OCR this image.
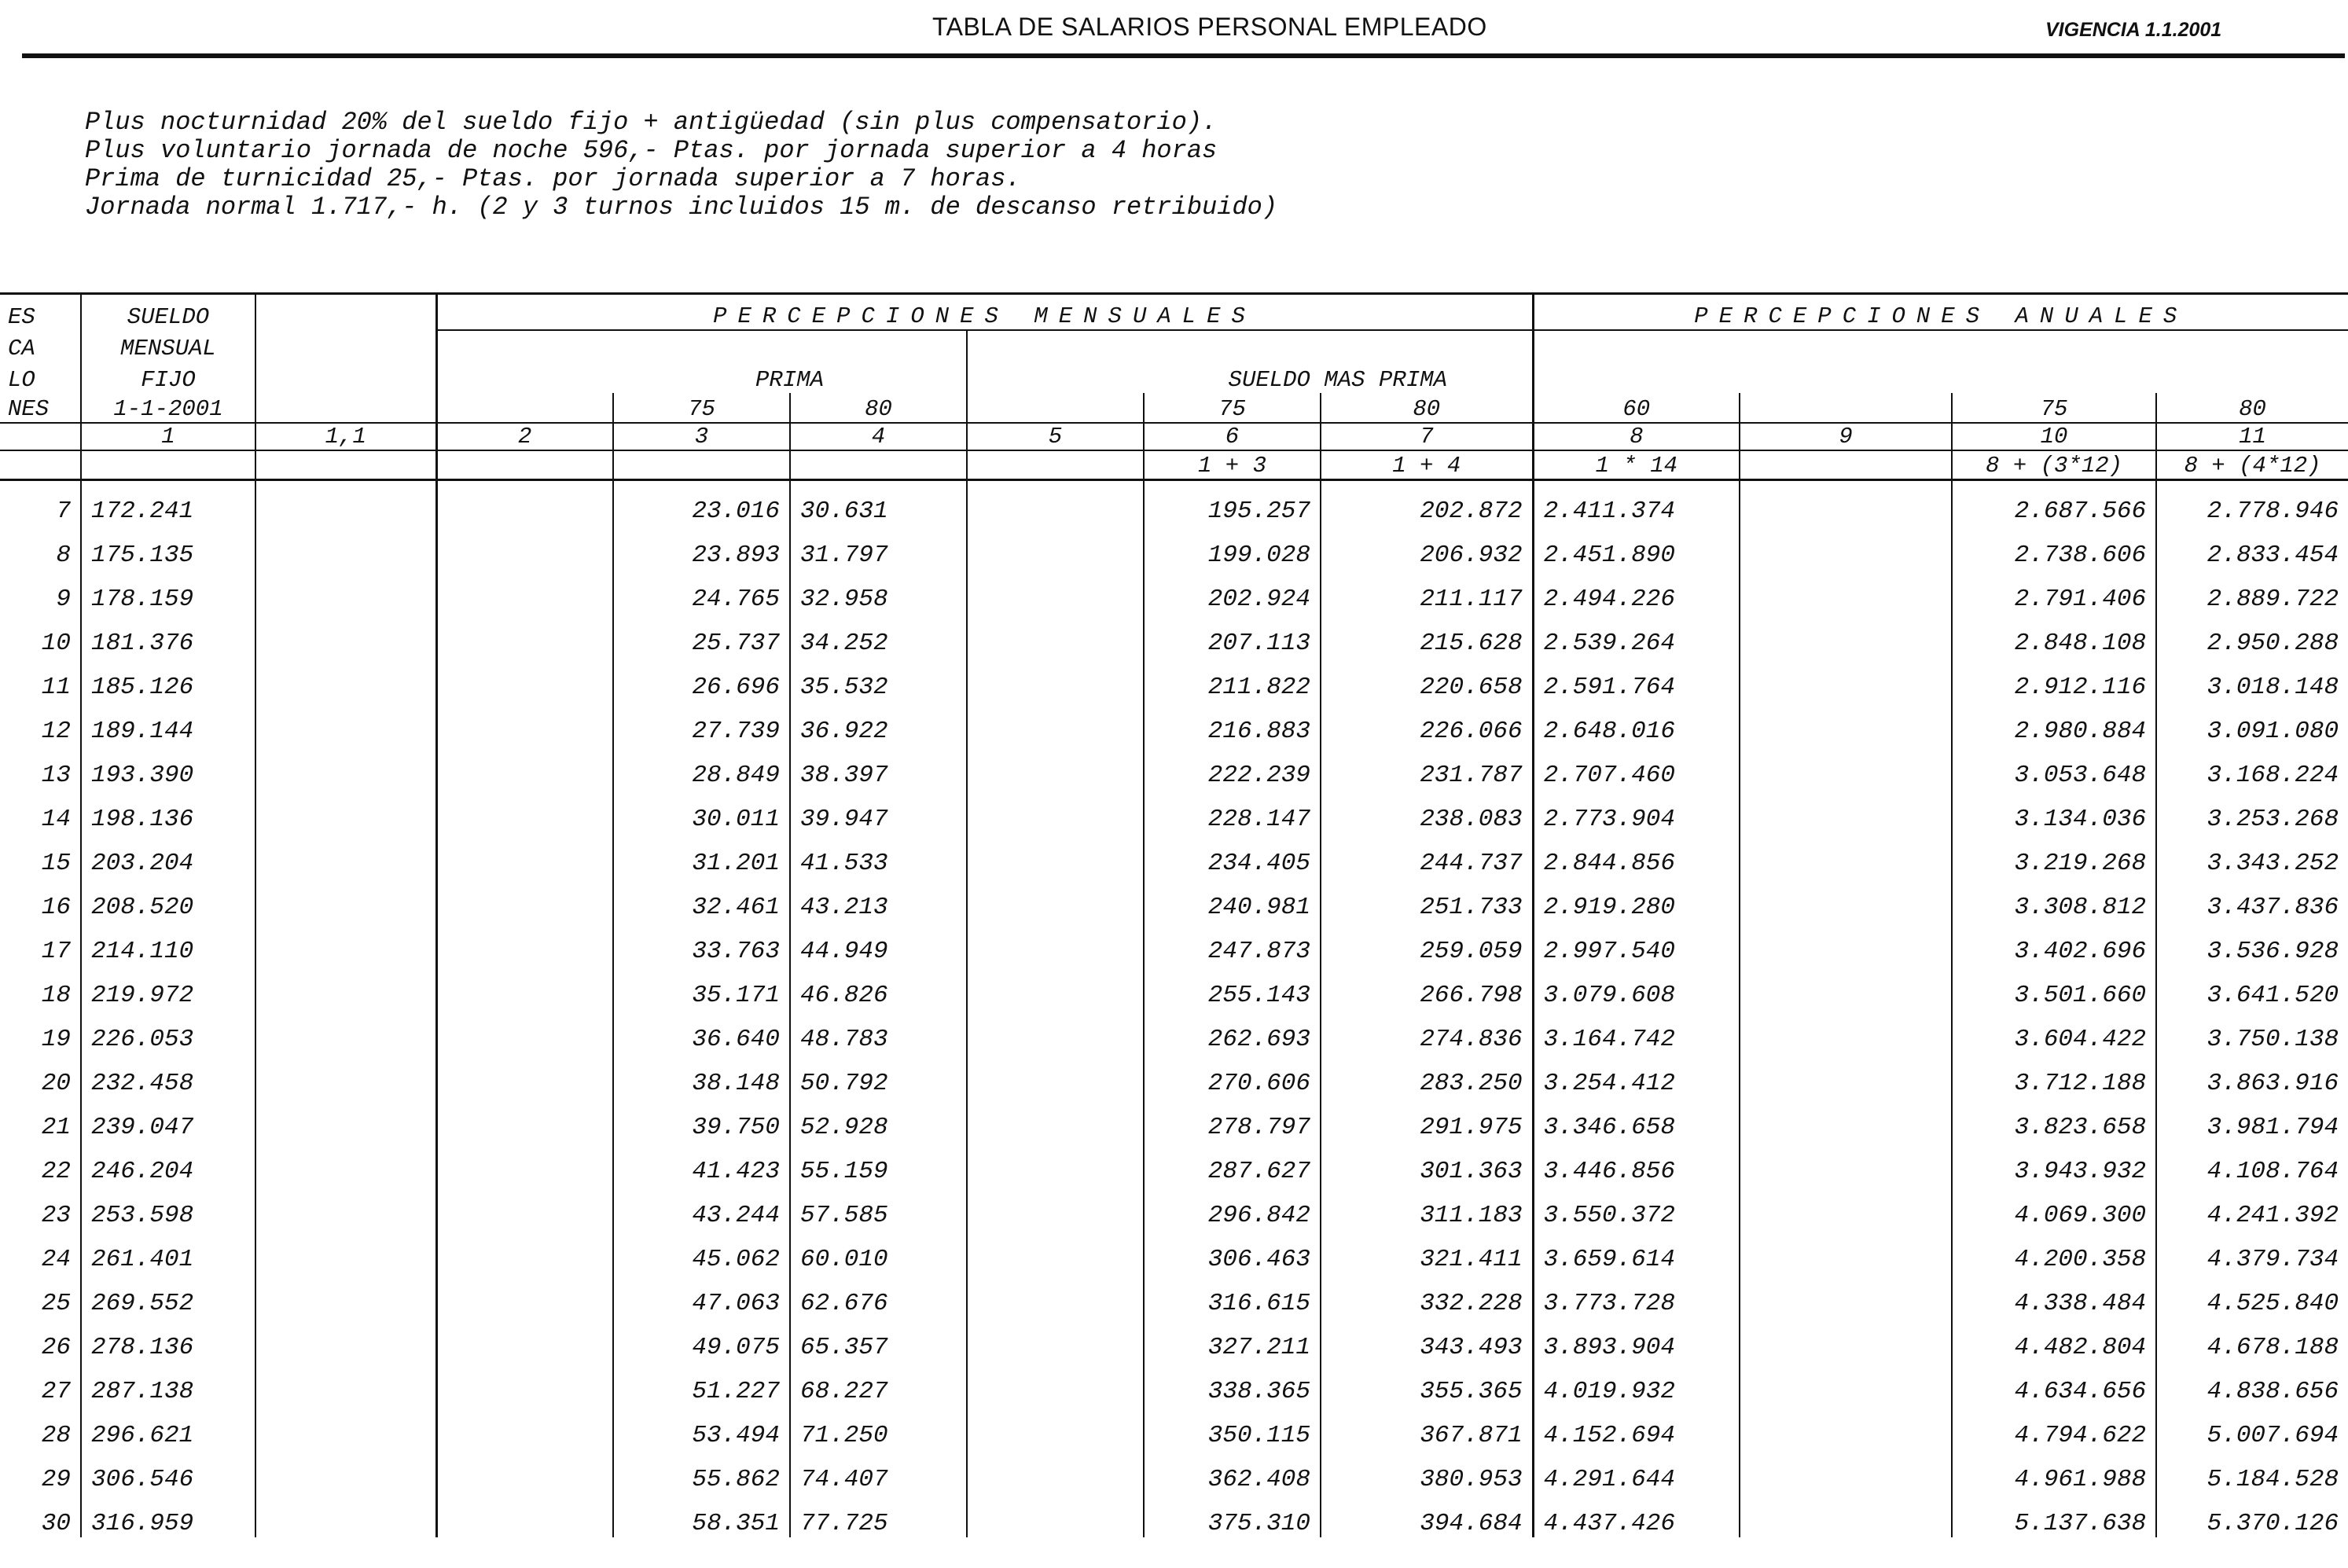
TABLA DE SALARIOS PERSONAL EMPLEADO	VIGENCIA 1.1.2001
Plus nocturnidad 20% del sueldo fijo + antigüedad (sin plus compensatorio).
Plus voluntario jornada de noche 596,- Ptas. por jornada superior a 4 horas
Prima de turnicidad 25,- Ptas. por jornada superior a 7 horas.
Jornada normal 1.717,- h. (2 y 3 turnos incluidos 15 m. de descanso retribuido)
ES	SUELDO		PERCEPCIONES MENSUALES						PERCEPCIONES ANUALES			
CA	MENSUAL											
LO	FIJO			PRIMA			SUELDO MAS PRIMA					
NES	1-1-2001			75	80		75	80	60		75	80
	1	1,1	2	3	4	5	6	7	8	9	10	11
							1 + 3	1 + 4	1 * 14		8 + (3*12)	8 + (4*12)
7	172.241			23.016	30.631		195.257	202.872	2.411.374		2.687.566	2.778.946
8	175.135			23.893	31.797		199.028	206.932	2.451.890		2.738.606	2.833.454
9	178.159			24.765	32.958		202.924	211.117	2.494.226		2.791.406	2.889.722
10	181.376			25.737	34.252		207.113	215.628	2.539.264		2.848.108	2.950.288
11	185.126			26.696	35.532		211.822	220.658	2.591.764		2.912.116	3.018.148
12	189.144			27.739	36.922		216.883	226.066	2.648.016		2.980.884	3.091.080
13	193.390			28.849	38.397		222.239	231.787	2.707.460		3.053.648	3.168.224
14	198.136			30.011	39.947		228.147	238.083	2.773.904		3.134.036	3.253.268
15	203.204			31.201	41.533		234.405	244.737	2.844.856		3.219.268	3.343.252
16	208.520			32.461	43.213		240.981	251.733	2.919.280		3.308.812	3.437.836
17	214.110			33.763	44.949		247.873	259.059	2.997.540		3.402.696	3.536.928
18	219.972			35.171	46.826		255.143	266.798	3.079.608		3.501.660	3.641.520
19	226.053			36.640	48.783		262.693	274.836	3.164.742		3.604.422	3.750.138
20	232.458			38.148	50.792		270.606	283.250	3.254.412		3.712.188	3.863.916
21	239.047			39.750	52.928		278.797	291.975	3.346.658		3.823.658	3.981.794
22	246.204			41.423	55.159		287.627	301.363	3.446.856		3.943.932	4.108.764
23	253.598			43.244	57.585		296.842	311.183	3.550.372		4.069.300	4.241.392
24	261.401			45.062	60.010		306.463	321.411	3.659.614		4.200.358	4.379.734
25	269.552			47.063	62.676		316.615	332.228	3.773.728		4.338.484	4.525.840
26	278.136			49.075	65.357		327.211	343.493	3.893.904		4.482.804	4.678.188
27	287.138			51.227	68.227		338.365	355.365	4.019.932		4.634.656	4.838.656
28	296.621			53.494	71.250		350.115	367.871	4.152.694		4.794.622	5.007.694
29	306.546			55.862	74.407		362.408	380.953	4.291.644		4.961.988	5.184.528
30	316.959			58.351	77.725		375.310	394.684	4.437.426		5.137.638	5.370.126
